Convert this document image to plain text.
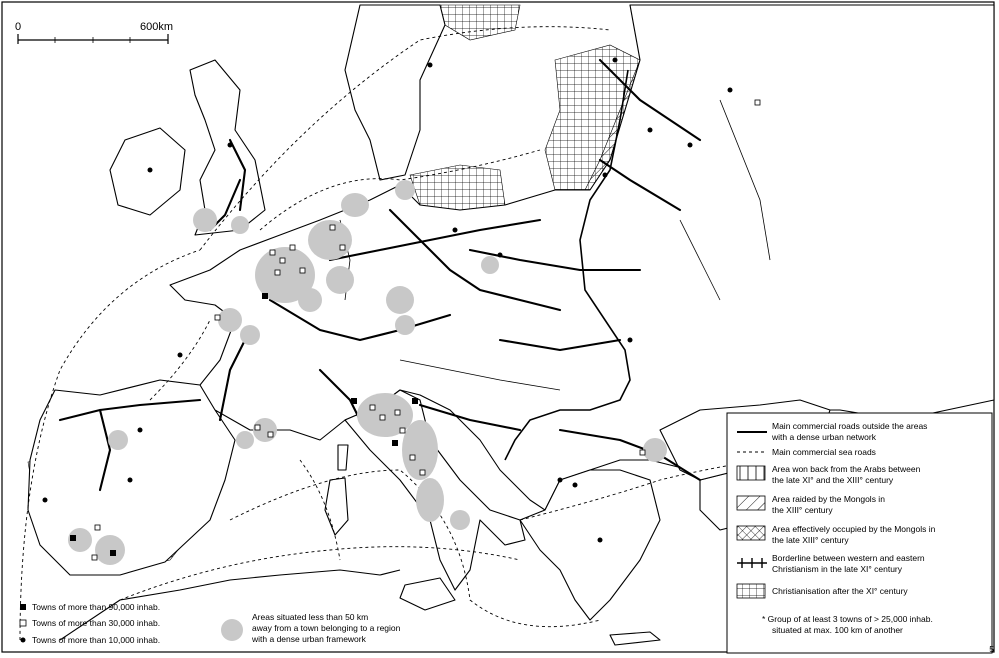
0	600km
Main commercial roads outside the areas
with a dense urban network
Main commercial sea roads
Area won back from the Arabs between
the late XI° and the XIII° century
Area raided by the Mongols in
the XIII° century
Area effectively occupied by the Mongols in
the late XIII° century
Borderline between western and eastern
Christianism in the late XI° century
Christianisation after the XI° century
* Group of at least 3 towns of > 25,000 inhab.
situated at max. 100 km of another
Towns of more than 90,000 inhab.
Towns of more than 30,000 inhab.
Towns of more than 10,000 inhab.
Areas situated less than 50 km
away from a town belonging to a region
with a dense urban framework
5
